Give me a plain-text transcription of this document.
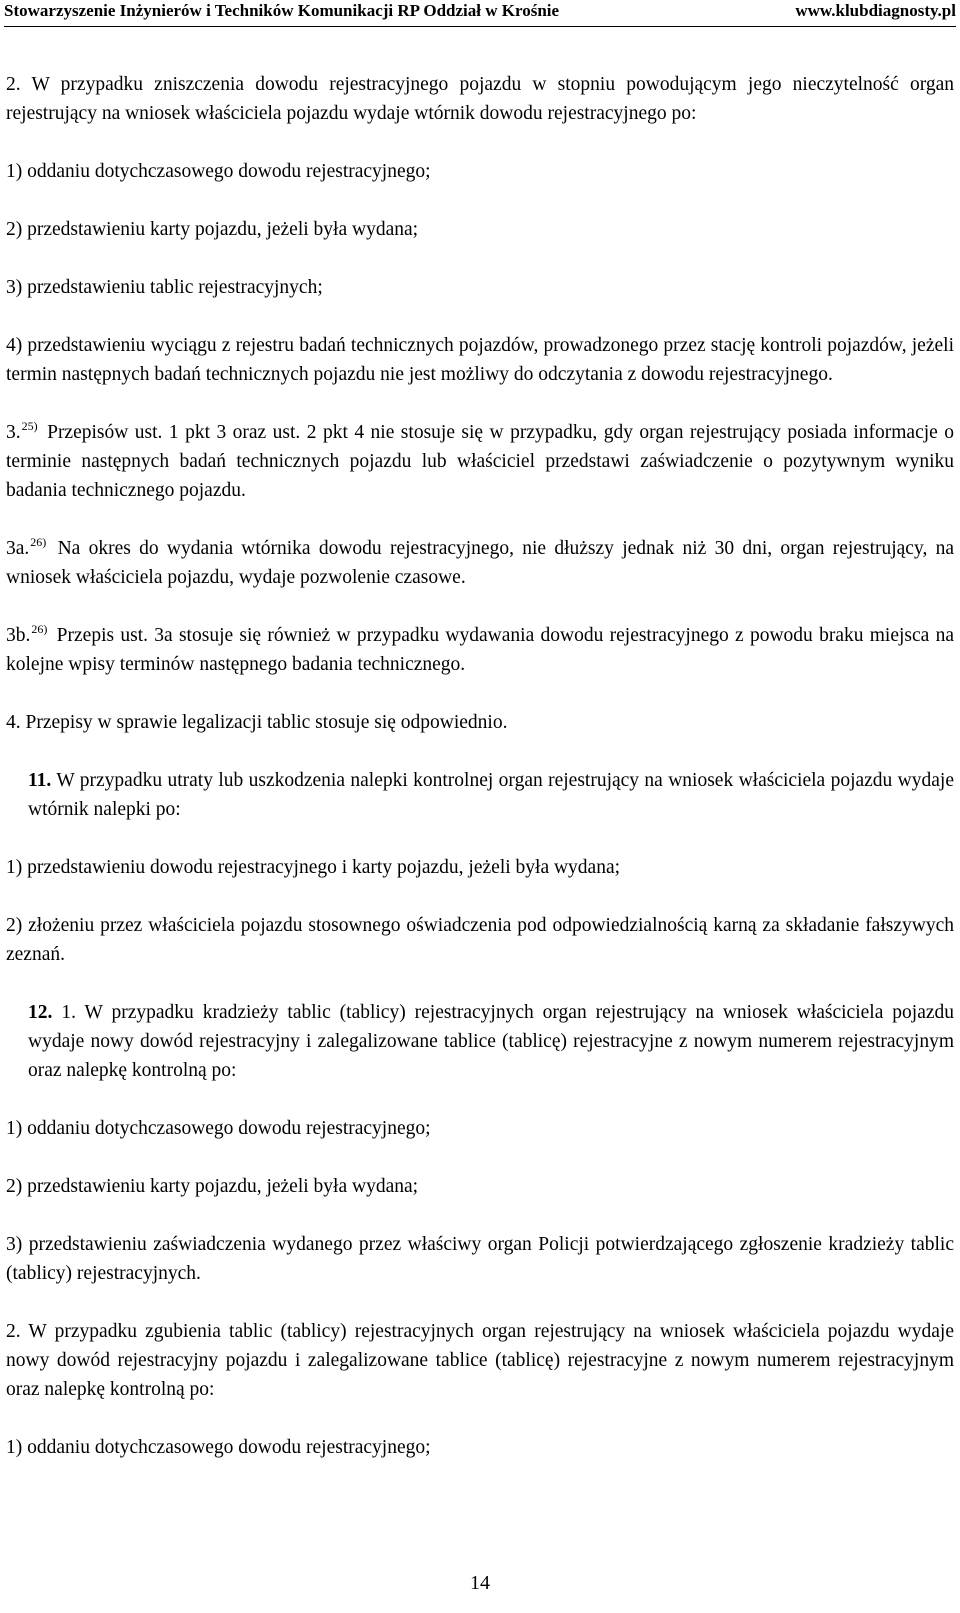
Stowarzyszenie Inżynierów i Techników Komunikacji RP Oddział w Krośnie	www.klubdiagnosty.pl

2. W przypadku zniszczenia dowodu rejestracyjnego pojazdu w stopniu powodującym jego nieczytelność organ rejestrujący na wniosek właściciela pojazdu wydaje wtórnik dowodu rejestracyjnego po:

1) oddaniu dotychczasowego dowodu rejestracyjnego;

2) przedstawieniu karty pojazdu, jeżeli była wydana;

3) przedstawieniu tablic rejestracyjnych;

4) przedstawieniu wyciągu z rejestru badań technicznych pojazdów, prowadzonego przez stację kontroli pojazdów, jeżeli termin następnych badań technicznych pojazdu nie jest możliwy do odczytania z dowodu rejestracyjnego.

3.$^{25)}$ Przepisów ust. 1 pkt 3 oraz ust. 2 pkt 4 nie stosuje się w przypadku, gdy organ rejestrujący posiada informacje o terminie następnych badań technicznych pojazdu lub właściciel przedstawi zaświadczenie o pozytywnym wyniku badania technicznego pojazdu.

3a.$^{26)}$ Na okres do wydania wtórnika dowodu rejestracyjnego, nie dłuższy jednak niż 30 dni, organ rejestrujący, na wniosek właściciela pojazdu, wydaje pozwolenie czasowe.

3b.$^{26)}$ Przepis ust. 3a stosuje się również w przypadku wydawania dowodu rejestracyjnego z powodu braku miejsca na kolejne wpisy terminów następnego badania technicznego.

4. Przepisy w sprawie legalizacji tablic stosuje się odpowiednio.

11. W przypadku utraty lub uszkodzenia nalepki kontrolnej organ rejestrujący na wniosek właściciela pojazdu wydaje wtórnik nalepki po:

1) przedstawieniu dowodu rejestracyjnego i karty pojazdu, jeżeli była wydana;

2) złożeniu przez właściciela pojazdu stosownego oświadczenia pod odpowiedzialnością karną za składanie fałszywych zeznań.

12. 1. W przypadku kradzieży tablic (tablicy) rejestracyjnych organ rejestrujący na wniosek właściciela pojazdu wydaje nowy dowód rejestracyjny i zalegalizowane tablice (tablicę) rejestracyjne z nowym numerem rejestracyjnym oraz nalepkę kontrolną po:

1) oddaniu dotychczasowego dowodu rejestracyjnego;

2) przedstawieniu karty pojazdu, jeżeli była wydana;

3) przedstawieniu zaświadczenia wydanego przez właściwy organ Policji potwierdzającego zgłoszenie kradzieży tablic (tablicy) rejestracyjnych.

2. W przypadku zgubienia tablic (tablicy) rejestracyjnych organ rejestrujący na wniosek właściciela pojazdu wydaje nowy dowód rejestracyjny pojazdu i zalegalizowane tablice (tablicę) rejestracyjne z nowym numerem rejestracyjnym oraz nalepkę kontrolną po:

1) oddaniu dotychczasowego dowodu rejestracyjnego;

14
